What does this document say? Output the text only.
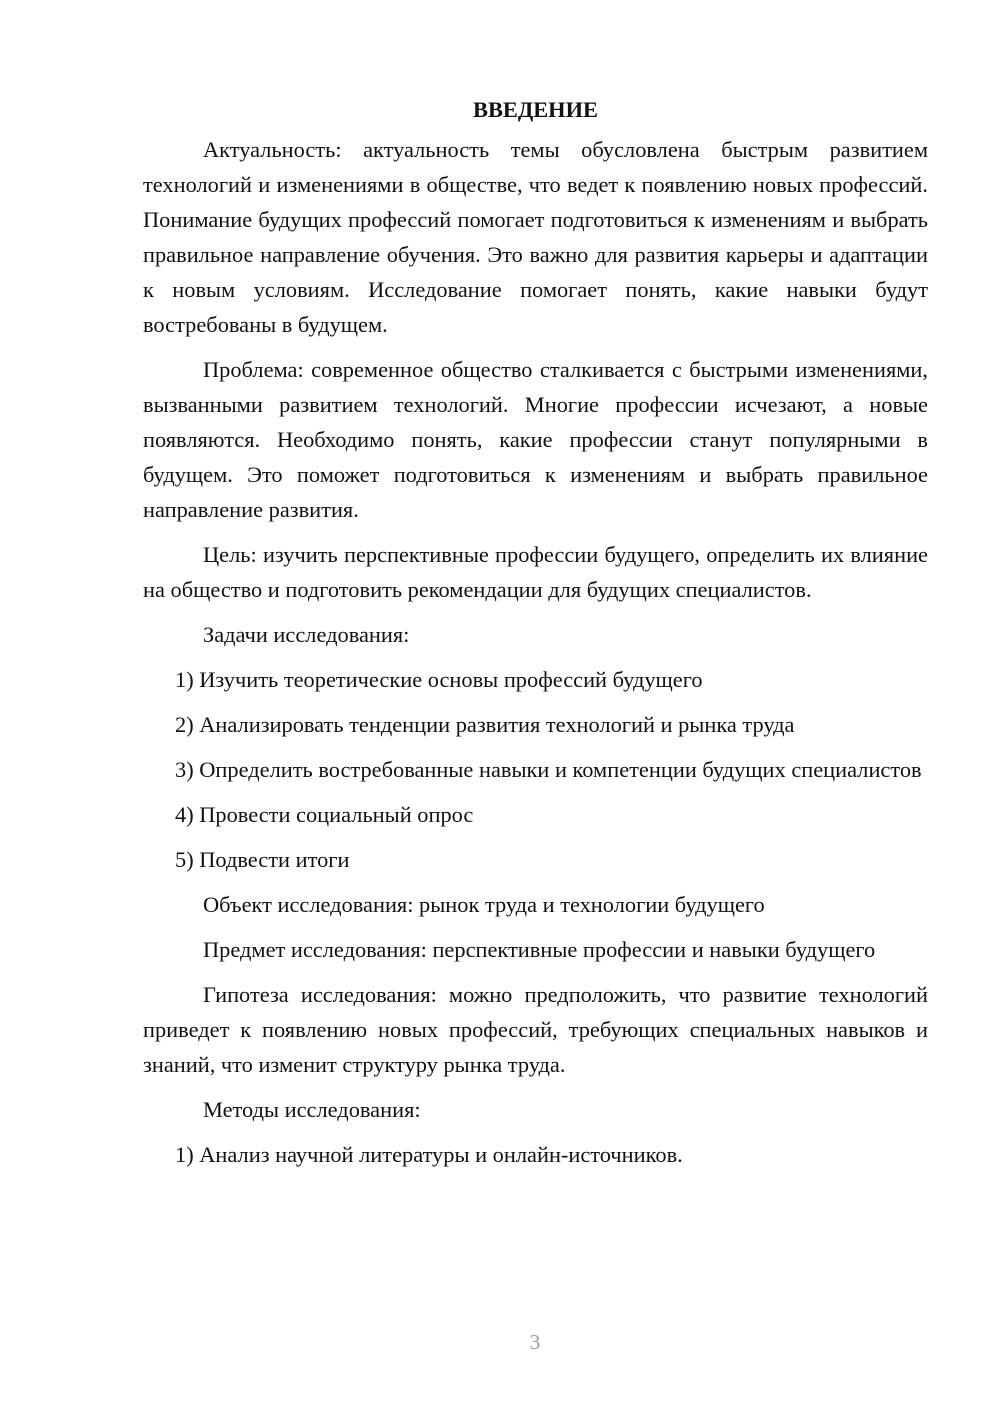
ВВЕДЕНИЕ

Актуальность: актуальность темы обусловлена быстрым развитием технологий и изменениями в обществе, что ведет к появлению новых профессий. Понимание будущих профессий помогает подготовиться к изменениям и выбрать правильное направление обучения. Это важно для развития карьеры и адаптации к новым условиям. Исследование помогает понять, какие навыки будут востребованы в будущем.

Проблема: современное общество сталкивается с быстрыми изменениями, вызванными развитием технологий. Многие профессии исчезают, а новые появляются. Необходимо понять, какие профессии станут популярными в будущем. Это поможет подготовиться к изменениям и выбрать правильное направление развития.

Цель: изучить перспективные профессии будущего, определить их влияние на общество и подготовить рекомендации для будущих специалистов.

Задачи исследования:

1) Изучить теоретические основы профессий будущего

2) Анализировать тенденции развития технологий и рынка труда

3) Определить востребованные навыки и компетенции будущих специалистов

4) Провести социальный опрос

5) Подвести итоги

Объект исследования: рынок труда и технологии будущего

Предмет исследования: перспективные профессии и навыки будущего

Гипотеза исследования: можно предположить, что развитие технологий приведет к появлению новых профессий, требующих специальных навыков и знаний, что изменит структуру рынка труда.

Методы исследования:

1) Анализ научной литературы и онлайн-источников.

3
